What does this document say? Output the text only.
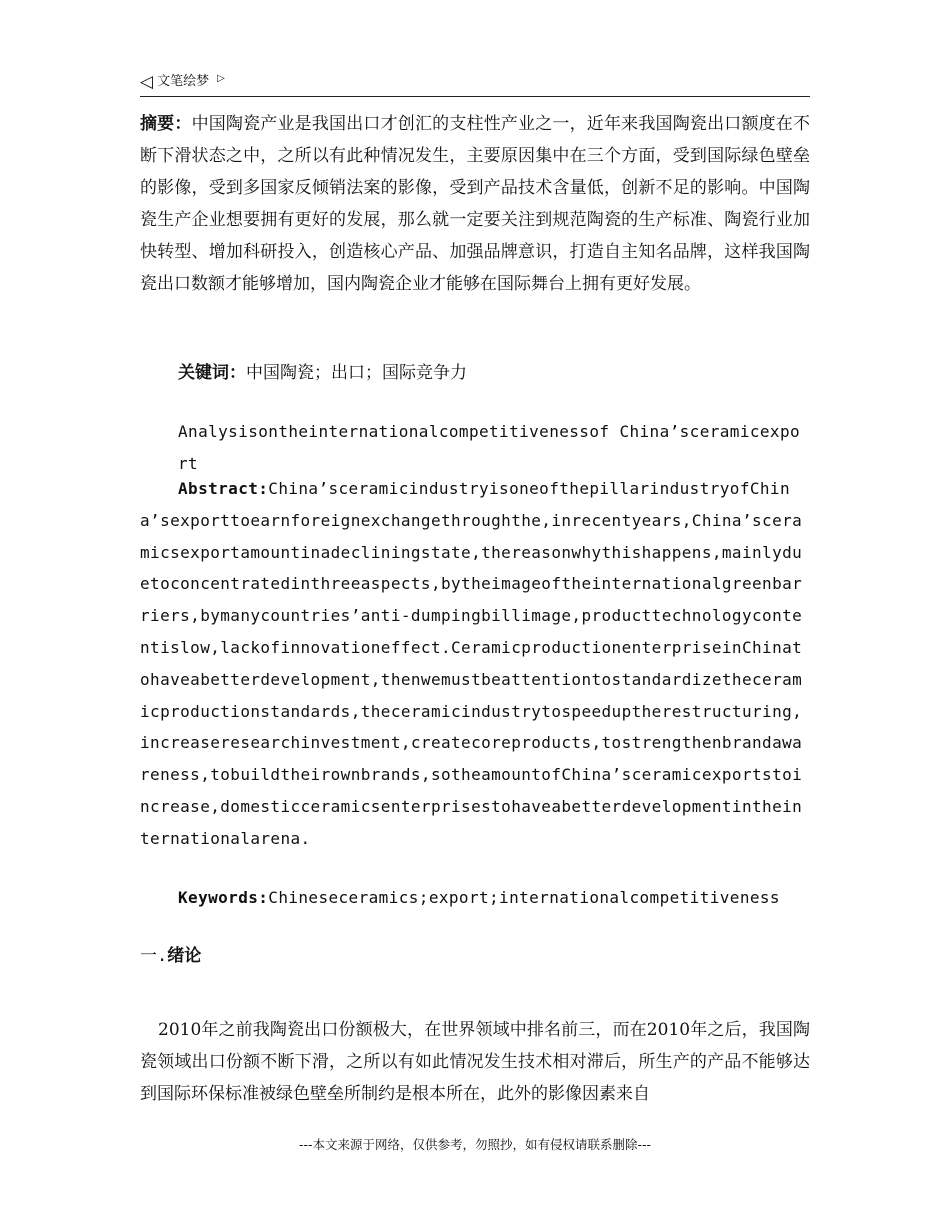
◁ 文笔绘梦 ▷
摘要：中国陶瓷产业是我国出口才创汇的支柱性产业之一，近年来我国陶瓷出口额度在不断下滑状态之中，之所以有此种情况发生，主要原因集中在三个方面，受到国际绿色壁垒的影像，受到多国家反倾销法案的影像，受到产品技术含量低，创新不足的影响。中国陶瓷生产企业想要拥有更好的发展，那么就一定要关注到规范陶瓷的生产标准、陶瓷行业加快转型、增加科研投入，创造核心产品、加强品牌意识，打造自主知名品牌，这样我国陶瓷出口数额才能够增加，国内陶瓷企业才能够在国际舞台上拥有更好发展。
关键词：中国陶瓷；出口；国际竞争力
Analysisontheinternationalcompetitivenessof China’sceramicexport
Abstract:China’sceramicindustryisoneofthepillarindustryofChina’sexporttoearnforeignexchangethroughthe,inrecentyears,China’sceramicsexportamountinadecliningstate,thereasonwhythishappens,mainlyduetoconcentratedinthreeaspects,bytheimageoftheinternationalgreenbarriers,bymanycountries’anti-dumpingbillimage,producttechnologycontentislow,lackofinnovationeffect.CeramicproductionenterpriseinChinatohaveabetterdevelopment,thenwemustbeattentiontostandardizetheceramicproductionstandards,theceramicindustrytospeeduptherestructuring,increaseresearchinvestment,createcoreproducts,tostrengthenbrandawareness,tobuildtheirownbrands,sotheamountofChina’sceramicexportstoincrease,domesticceramicsenterprisestohaveabetterdevelopmentintheinternationalarena.
Keywords:Chineseceramics;export;internationalcompetitiveness
一.绪论
2010年之前我陶瓷出口份额极大，在世界领域中排名前三，而在2010年之后，我国陶瓷领域出口份额不断下滑，之所以有如此情况发生技术相对滞后，所生产的产品不能够达到国际环保标准被绿色壁垒所制约是根本所在，此外的影像因素来自
---本文来源于网络，仅供参考，勿照抄，如有侵权请联系删除---
